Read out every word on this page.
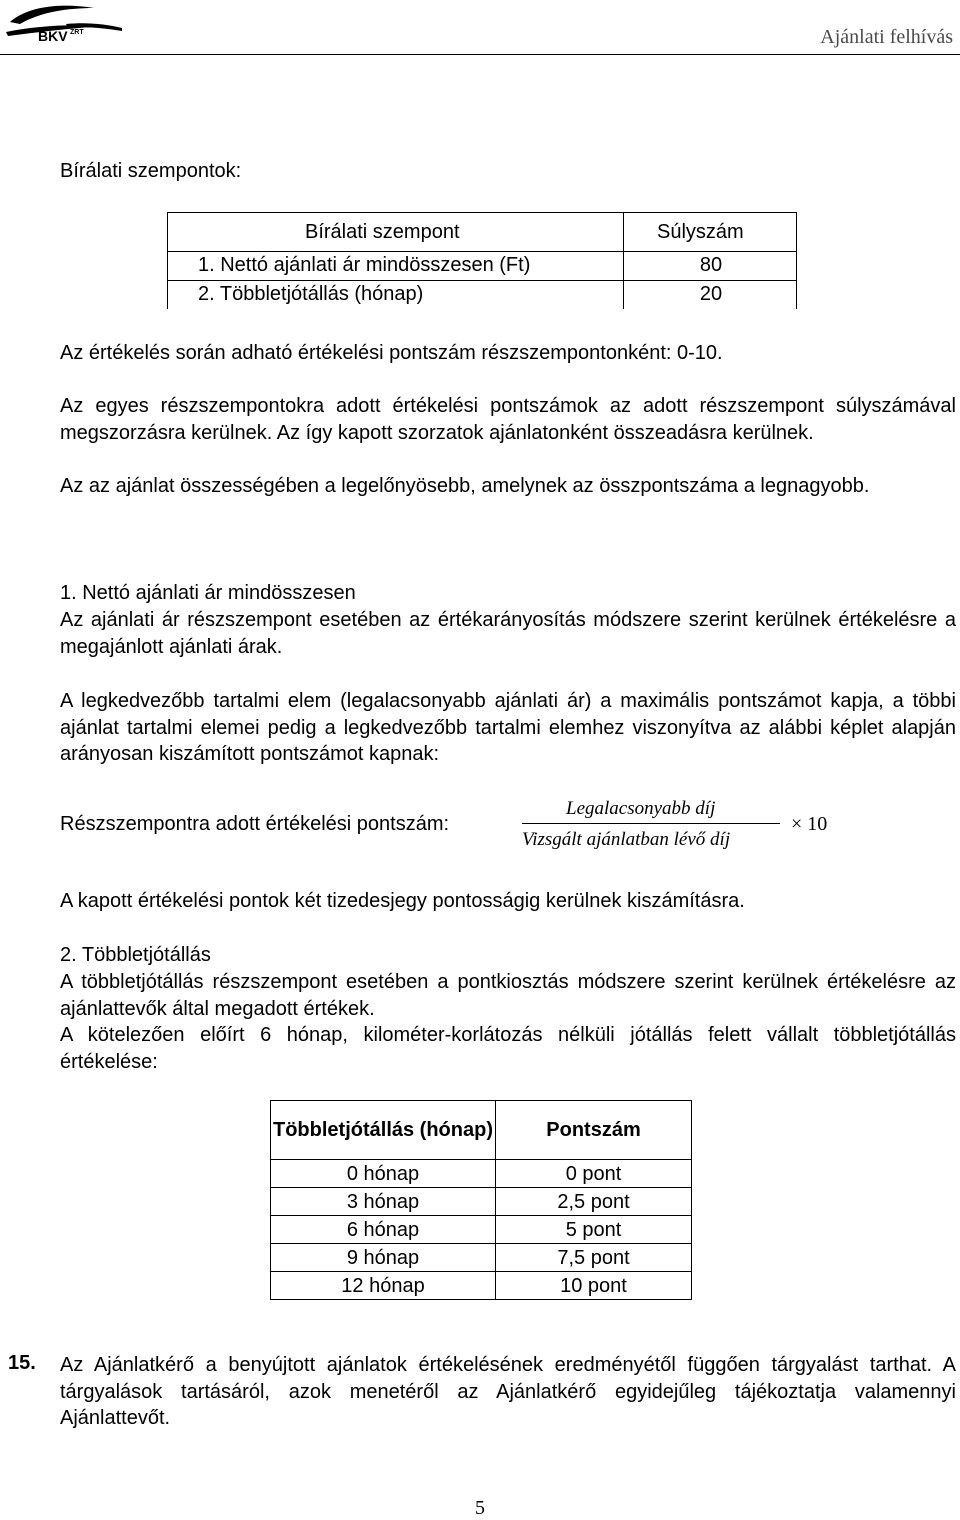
BKV ZRT	Ajánlati felhívás
Bírálati szempontok:
Bírálati szempont	Súlyszám
1. Nettó ajánlati ár mindösszesen (Ft)	80
2. Többletjótállás (hónap)	20
Az értékelés során adható értékelési pontszám részszempontonként: 0-10.
Az egyes részszempontokra adott értékelési pontszámok az adott részszempont súlyszámával megszorzásra kerülnek. Az így kapott szorzatok ajánlatonként összeadásra kerülnek.
Az az ajánlat összességében a legelőnyösebb, amelynek az összpontszáma a legnagyobb.
1. Nettó ajánlati ár mindösszesen
Az ajánlati ár részszempont esetében az értékarányosítás módszere szerint kerülnek értékelésre a megajánlott ajánlati árak.
A legkedvezőbb tartalmi elem (legalacsonyabb ajánlati ár) a maximális pontszámot kapja, a többi ajánlat tartalmi elemei pedig a legkedvezőbb tartalmi elemhez viszonyítva az alábbi képlet alapján arányosan kiszámított pontszámot kapnak:
Részszempontra adott értékelési pontszám:
Legalacsonyabb díj
Vizsgált ajánlatban lévő díj
× 10
A kapott értékelési pontok két tizedesjegy pontosságig kerülnek kiszámításra.
2. Többletjótállás
A többletjótállás részszempont esetében a pontkiosztás módszere szerint kerülnek értékelésre az ajánlattevők által megadott értékek.
A kötelezően előírt 6 hónap, kilométer-korlátozás nélküli jótállás felett vállalt többletjótállás értékelése:
Többletjótállás (hónap)	Pontszám
0 hónap	0 pont
3 hónap	2,5 pont
6 hónap	5 pont
9 hónap	7,5 pont
12 hónap	10 pont
15. Az Ajánlatkérő a benyújtott ajánlatok értékelésének eredményétől függően tárgyalást tarthat. A tárgyalások tartásáról, azok menetéről az Ajánlatkérő egyidejűleg tájékoztatja valamennyi Ajánlattevőt.
5
